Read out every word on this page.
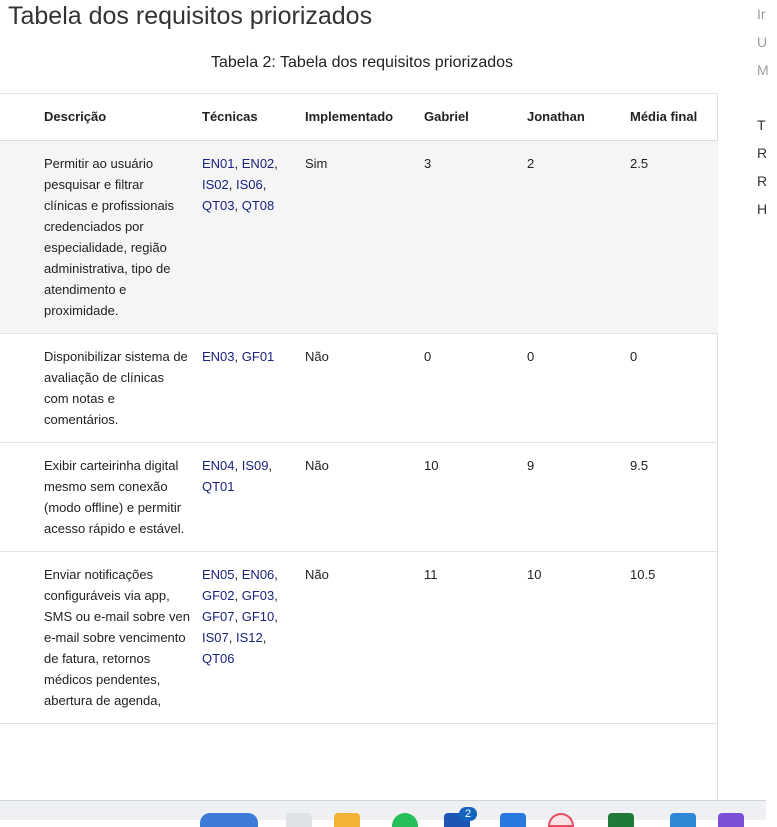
Tabela dos requisitos priorizados
Tabela 2: Tabela dos requisitos priorizados
	Descrição	Técnicas	Implementado	Gabriel	Jonathan	Média final
	Permitir ao usuário pesquisar e filtrar clínicas e profissionais credenciados por especialidade, região administrativa, tipo de atendimento e proximidade.	EN01, EN02, IS02, IS06, QT03, QT08	Sim	3	2	2.5
	Disponibilizar sistema de avaliação de clínicas com notas e comentários.	EN03, GF01	Não	0	0	0
	Exibir carteirinha digital mesmo sem conexão (modo offline) e permitir acesso rápido e estável.	EN04, IS09, QT01	Não	10	9	9.5
	Enviar notificações configuráveis via app, SMS ou e-mail sobre ven e-mail sobre vencimento de fatura, retornos médicos pendentes, abertura de agenda,	EN05, EN06, GF02, GF03, GF07, GF10, IS07, IS12, QT06	Não	11	10	10.5
Ir
U
M
T
R
R
H
2
